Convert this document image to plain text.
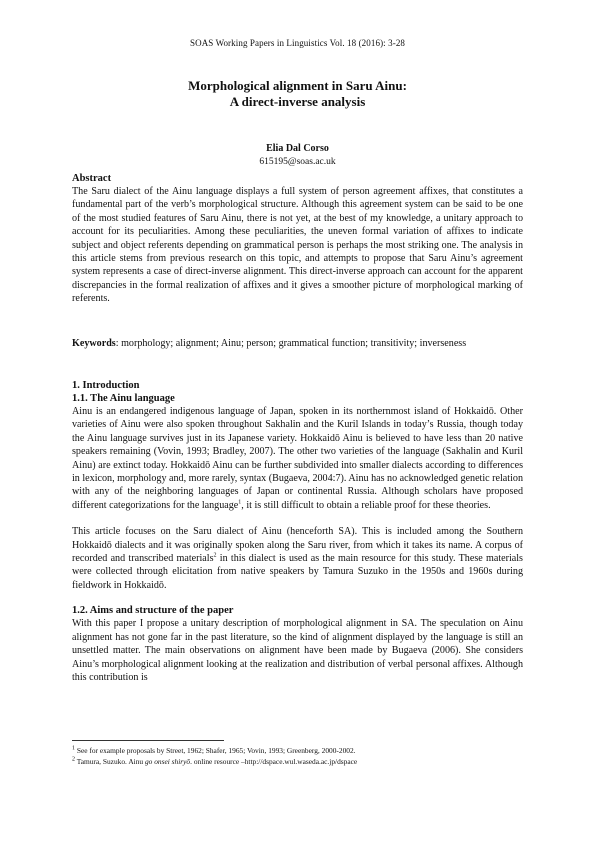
SOAS Working Papers in Linguistics Vol. 18 (2016): 3-28
Morphological alignment in Saru Ainu:
A direct-inverse analysis
Elia Dal Corso
615195@soas.ac.uk

Abstract

The Saru dialect of the Ainu language displays a full system of person agreement affixes, that constitutes a fundamental part of the verb’s morphological structure. Although this agreement system can be said to be one of the most studied features of Saru Ainu, there is not yet, at the best of my knowledge, a unitary approach to account for its peculiarities. Among these peculiarities, the uneven formal variation of affixes to indicate subject and object referents depending on grammatical person is perhaps the most striking one. The analysis in this article stems from previous research on this topic, and attempts to propose that Saru Ainu’s agreement system represents a case of direct-inverse alignment. This direct-inverse approach can account for the apparent discrepancies in the formal realization of affixes and it gives a smoother picture of morphological marking of referents.

Keywords: morphology; alignment; Ainu; person; grammatical function; transitivity; inverseness

1. Introduction

1.1. The Ainu language

Ainu is an endangered indigenous language of Japan, spoken in its northernmost island of Hokkaidō. Other varieties of Ainu were also spoken throughout Sakhalin and the Kuril Islands in today’s Russia, though today the Ainu language survives just in its Japanese variety. Hokkaidō Ainu is believed to have less than 20 native speakers remaining (Vovin, 1993; Bradley, 2007). The other two varieties of the language (Sakhalin and Kuril Ainu) are extinct today. Hokkaidō Ainu can be further subdivided into smaller dialects according to differences in lexicon, morphology and, more rarely, syntax (Bugaeva, 2004:7). Ainu has no acknowledged genetic relation with any of the neighboring languages of Japan or continental Russia. Although scholars have proposed different categorizations for the language$^1$, it is still difficult to obtain a reliable proof for these theories.

This article focuses on the Saru dialect of Ainu (henceforth SA). This is included among the Southern Hokkaidō dialects and it was originally spoken along the Saru river, from which it takes its name. A corpus of recorded and transcribed materials$^2$ in this dialect is used as the main resource for this study. These materials were collected through elicitation from native speakers by Tamura Suzuko in the 1950s and 1960s during fieldwork in Hokkaidō.

1.2. Aims and structure of the paper

With this paper I propose a unitary description of morphological alignment in SA. The speculation on Ainu alignment has not gone far in the past literature, so the kind of alignment displayed by the language is still an unsettled matter. The main observations on alignment have been made by Bugaeva (2006). She considers Ainu’s morphological alignment looking at the realization and distribution of verbal personal affixes. Although this contribution is

$^1$ See for example proposals by Street, 1962; Shafer, 1965; Vovin, 1993; Greenberg, 2000-2002.

$^2$ Tamura, Suzuko. Ainu go onsei shiryō. online resource –http://dspace.wul.waseda.ac.jp/dspace
